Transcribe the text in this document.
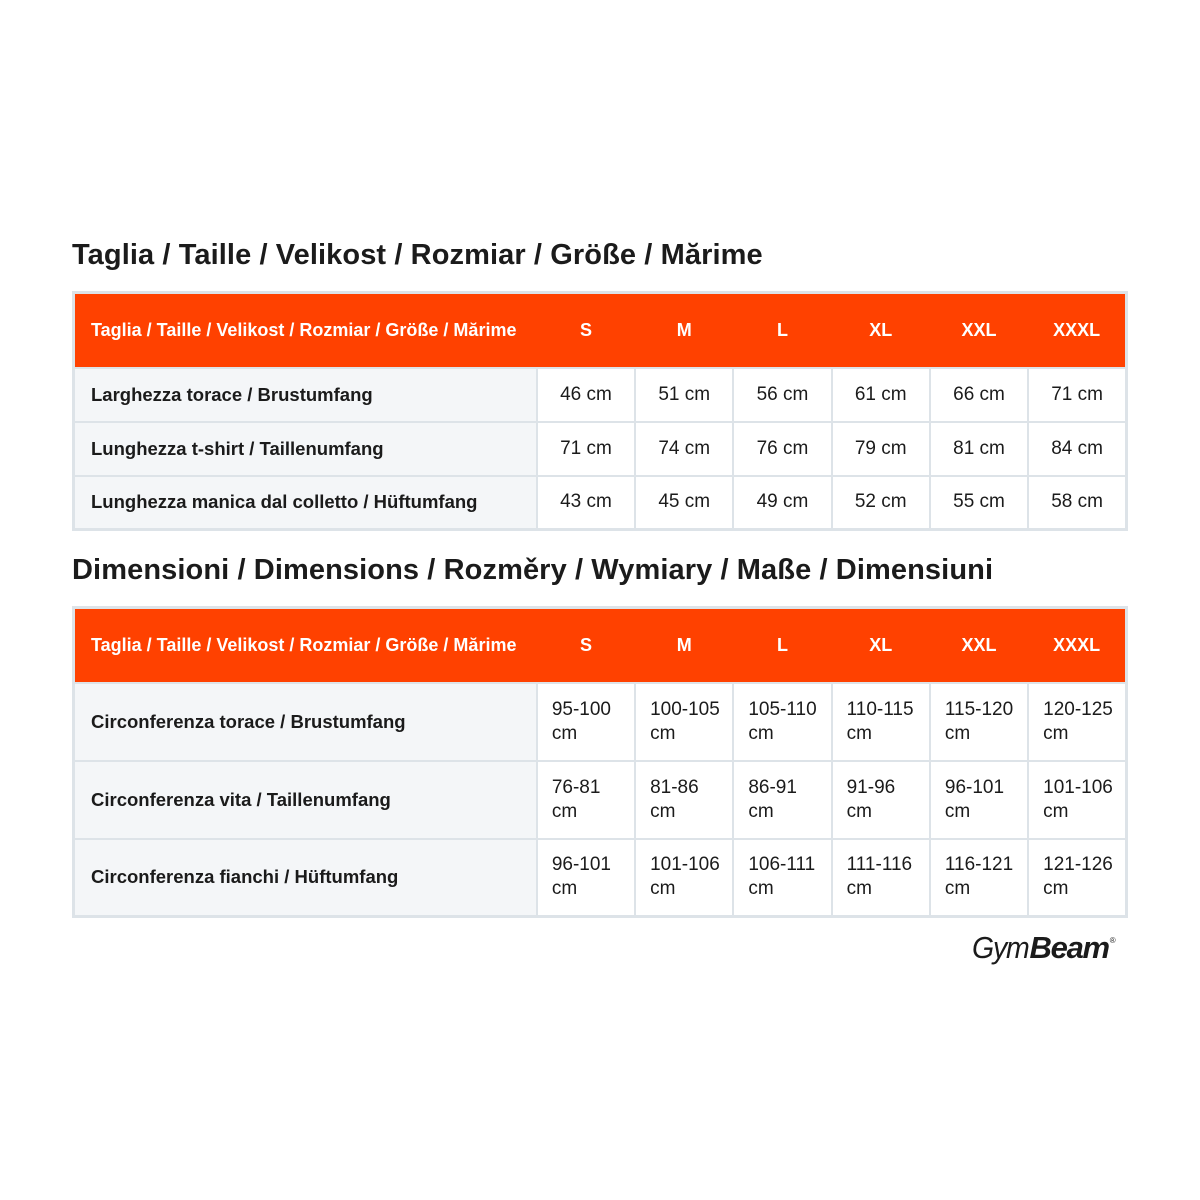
Taglia / Taille / Velikost / Rozmiar / Größe / Mărime
Taglia / Taille / Velikost / Rozmiar / Größe / Mărime	S	M	L	XL	XXL	XXXL
Larghezza torace / Brustumfang	46 cm	51 cm	56 cm	61 cm	66 cm	71 cm
Lunghezza t-shirt / Taillenumfang	71 cm	74 cm	76 cm	79 cm	81 cm	84 cm
Lunghezza manica dal colletto / Hüftumfang	43 cm	45 cm	49 cm	52 cm	55 cm	58 cm
Dimensioni / Dimensions / Rozměry / Wymiary / Maße / Dimensiuni
Taglia / Taille / Velikost / Rozmiar / Größe / Mărime	S	M	L	XL	XXL	XXXL
Circonferenza torace / Brustumfang	95-100 cm	100-105 cm	105-110 cm	110-115 cm	115-120 cm	120-125 cm
Circonferenza vita / Taillenumfang	76-81 cm	81-86 cm	86-91 cm	91-96 cm	96-101 cm	101-106 cm
Circonferenza fianchi / Hüftumfang	96-101 cm	101-106 cm	106-111 cm	111-116 cm	116-121 cm	121-126 cm
Gym Beam ®
